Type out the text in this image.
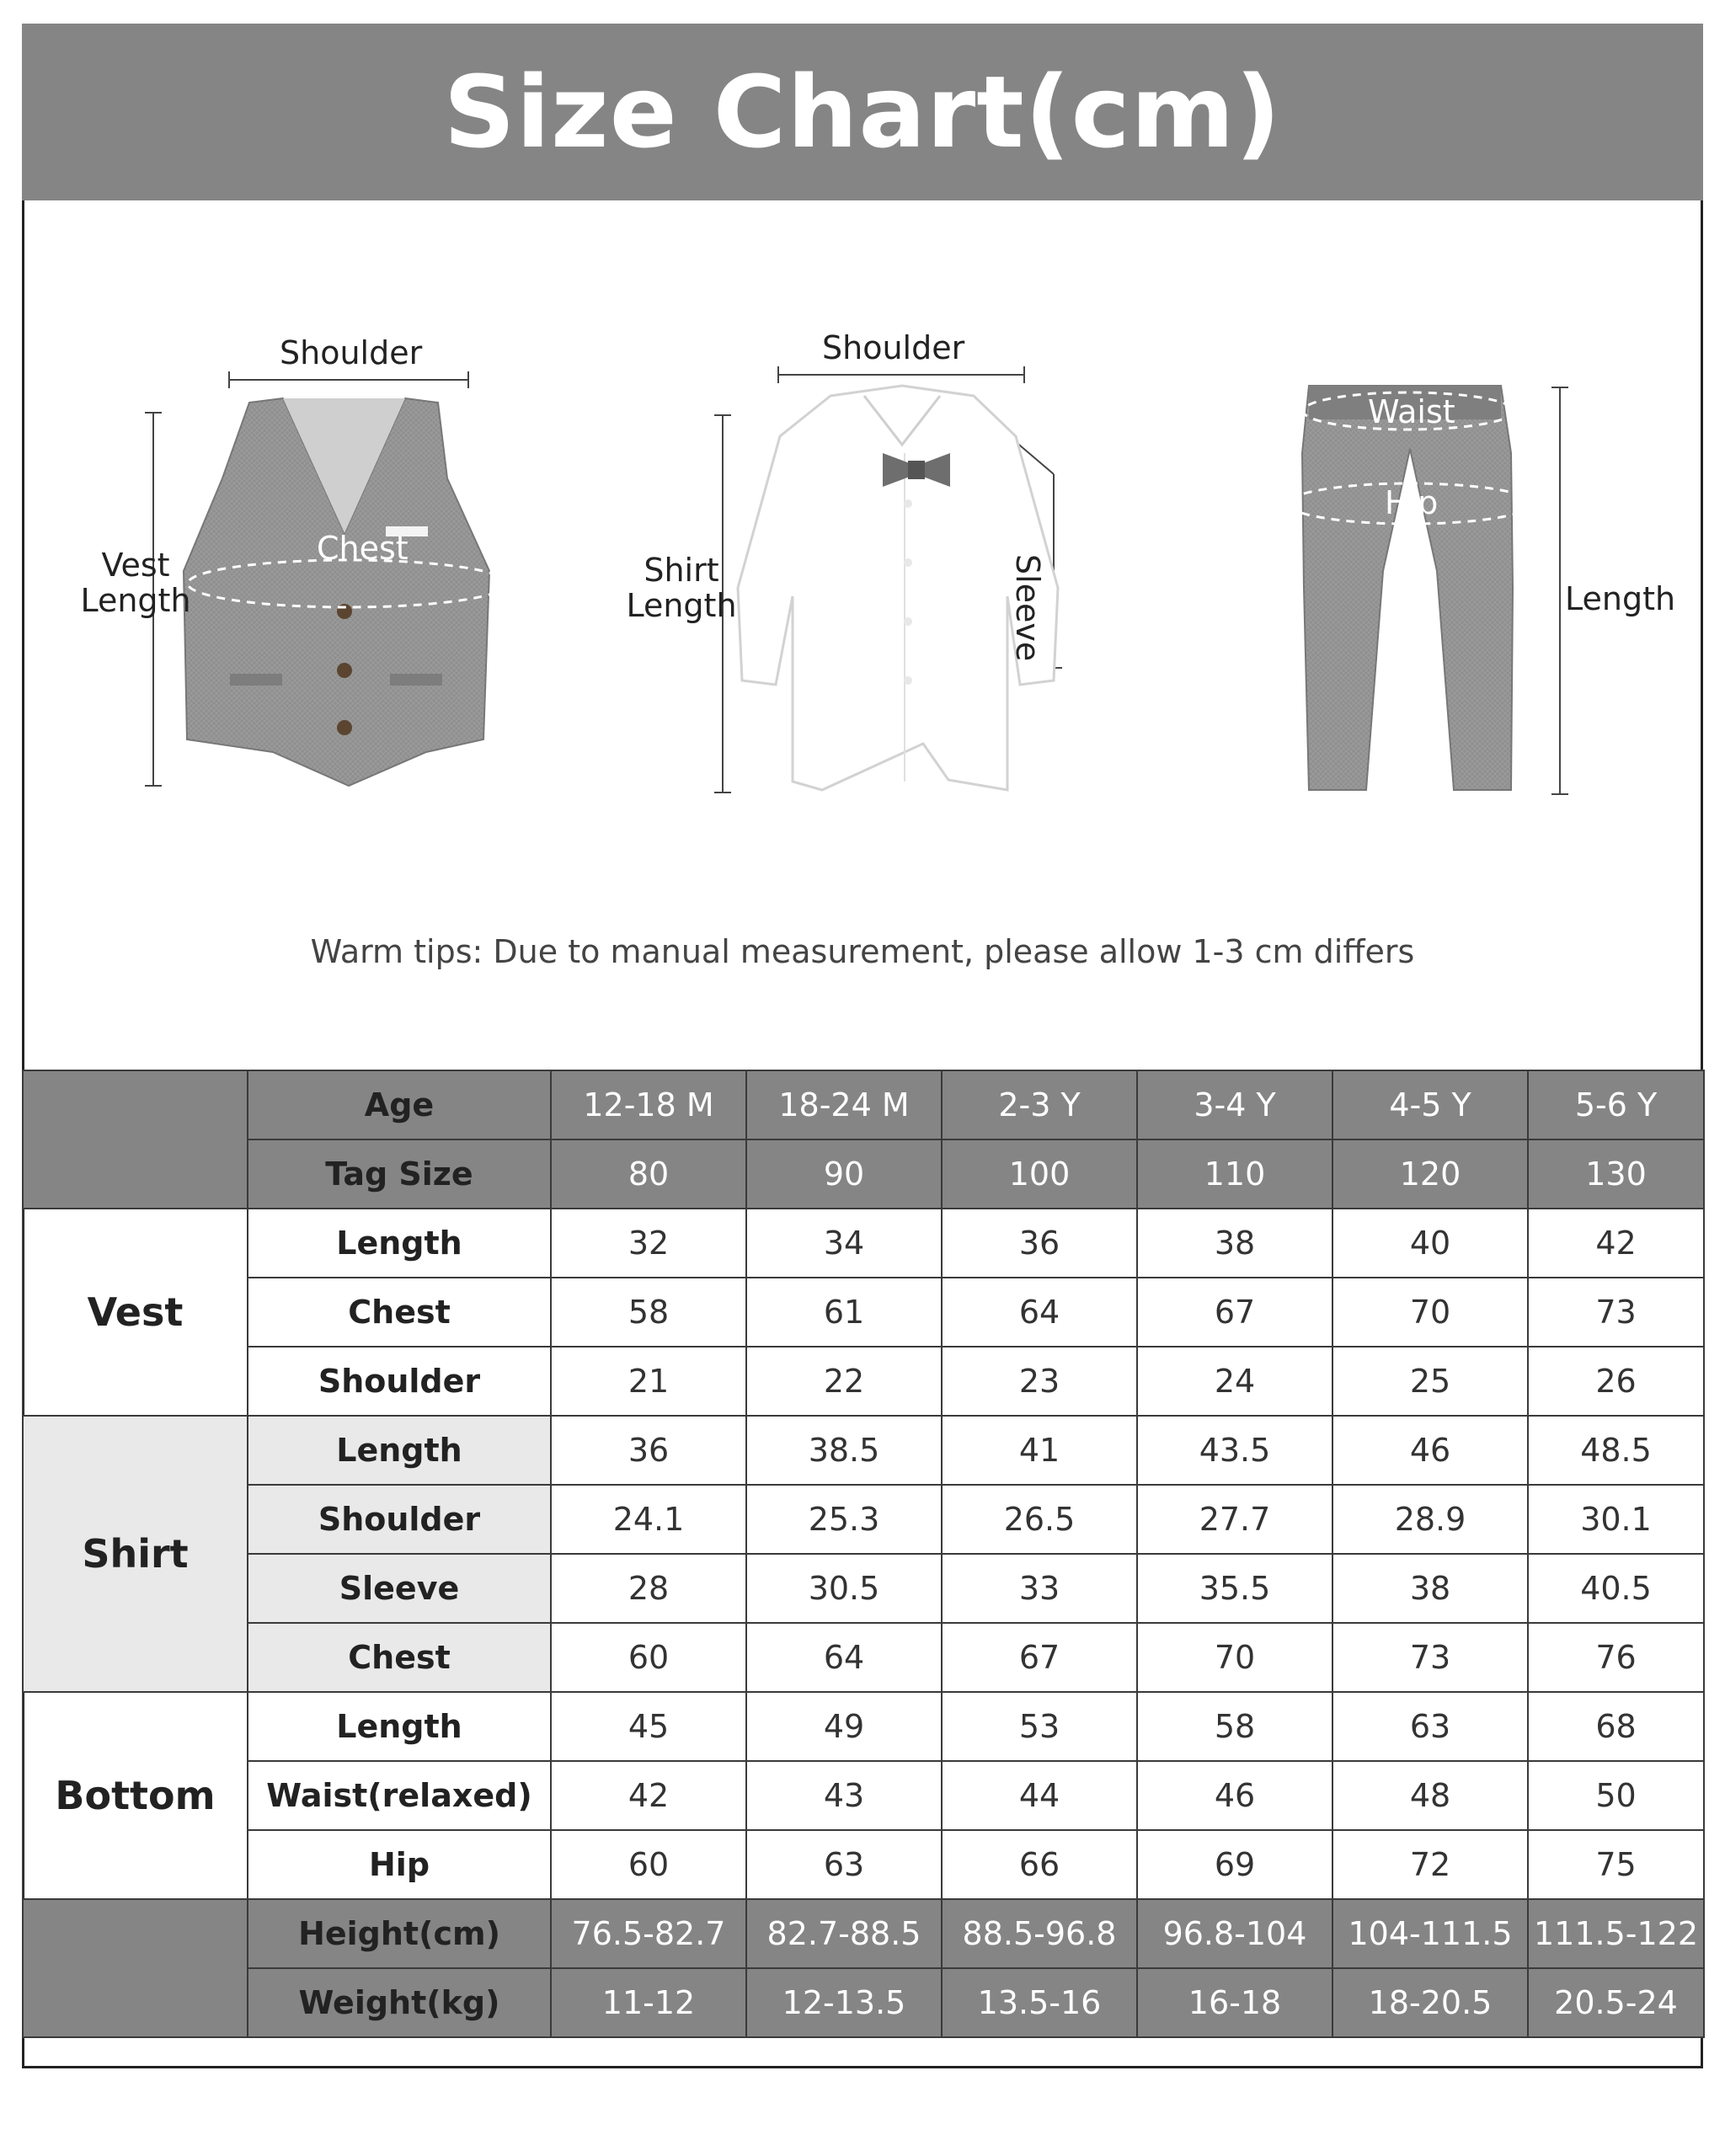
Size Chart(cm)
Shoulder
Vest
Length
Chest
Shoulder
Shirt
Length	Sleeve
Waist
Hip
Length
Warm tips: Due to manual measurement, please allow 1-3 cm differs
	Age	12-18 M	18-24 M	2-3 Y	3-4 Y	4-5 Y	5-6 Y
	Tag Size	80	90	100	110	120	130
Vest	Length	32	34	36	38	40	42
	Chest	58	61	64	67	70	73
	Shoulder	21	22	23	24	25	26
Shirt	Length	36	38.5	41	43.5	46	48.5
	Shoulder	24.1	25.3	26.5	27.7	28.9	30.1
	Sleeve	28	30.5	33	35.5	38	40.5
	Chest	60	64	67	70	73	76
Bottom	Length	45	49	53	58	63	68
	Waist(relaxed)	42	43	44	46	48	50
	Hip	60	63	66	69	72	75
	Height(cm)	76.5-82.7	82.7-88.5	88.5-96.8	96.8-104	104-111.5	111.5-122
	Weight(kg)	11-12	12-13.5	13.5-16	16-18	18-20.5	20.5-24
